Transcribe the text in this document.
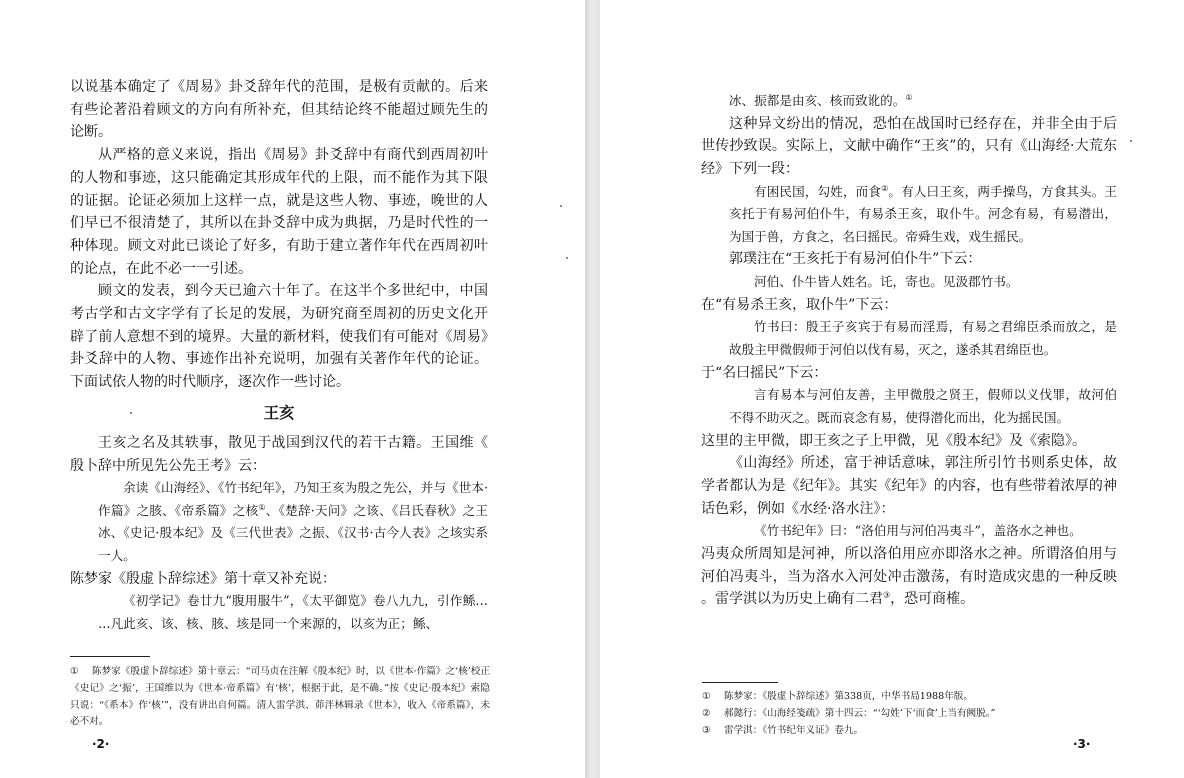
以说基本确定了《周易》卦爻辞年代的范围，是极有贡献的。后来有些论著沿着顾文的方向有所补充，但其结论终不能超过顾先生的论断。

从严格的意义来说，指出《周易》卦爻辞中有商代到西周初叶的人物和事迹，这只能确定其形成年代的上限，而不能作为其下限的证据。论证必须加上这样一点，就是这些人物、事迹，晚世的人们早已不很清楚了，其所以在卦爻辞中成为典据，乃是时代性的一种体现。顾文对此已谈论了好多，有助于建立著作年代在西周初叶的论点，在此不必一一引述。

顾文的发表，到今天已逾六十年了。在这半个多世纪中，中国考古学和古文字学有了长足的发展，为研究商至周初的历史文化开辟了前人意想不到的境界。大量的新材料，使我们有可能对《周易》卦爻辞中的人物、事迹作出补充说明，加强有关著作年代的论证。下面试依人物的时代顺序，逐次作一些讨论。

王亥

王亥之名及其轶事，散见于战国到汉代的若干古籍。王国维《殷卜辞中所见先公先王考》云：

余读《山海经》、《竹书纪年》，乃知王亥为殷之先公，并与《世本·作篇》之胲、《帝系篇》之核①、《楚辞·天问》之该、《吕氏春秋》之王冰、《史记·殷本纪》及《三代世表》之振、《汉书·古今人表》之垓实系一人。

陈梦家《殷虚卜辞综述》第十章又补充说：

《初学记》卷廿九“腹用服牛”，《太平御览》卷八九九，引作鲧……凡此亥、该、核、胲、垓是同一个来源的，以亥为正；鲧、

① 陈梦家《殷虚卜辞综述》第十章云：“司马贞在注解《殷本纪》时，以《世本·作篇》之‘核’校正《史记》之‘振’，王国维以为《世本·帝系篇》有‘核’，根据于此，是不确。”按《史记·殷本纪》索隐只说：“《系本》作‘核’”，没有讲出自何篇。清人雷学淇、茆泮林辑录《世本》，收入《帝系篇》，未必不对。

·2·

冰、振都是由亥、核而致讹的。①

这种异文纷出的情况，恐怕在战国时已经存在，并非全由于后世传抄致误。实际上，文献中确作“王亥”的，只有《山海经·大荒东经》下列一段：

有困民国，勾姓，而食②。有人曰王亥，两手操鸟，方食其头。王亥托于有易河伯仆牛，有易杀王亥，取仆牛。河念有易，有易潜出，为国于兽，方食之，名曰摇民。帝舜生戏，戏生摇民。

郭璞注在“王亥托于有易河伯仆牛”下云：

河伯、仆牛皆人姓名。讬，寄也。见汲郡竹书。

在“有易杀王亥，取仆牛”下云：

竹书曰：殷王子亥宾于有易而淫焉，有易之君绵臣杀而放之，是故殷主甲微假师于河伯以伐有易，灭之，遂杀其君绵臣也。

于“名曰摇民”下云：

言有易本与河伯友善，主甲微殷之贤王，假师以义伐罪，故河伯不得不助灭之。既而哀念有易，使得潜化而出，化为摇民国。

这里的主甲微，即王亥之子上甲微，见《殷本纪》及《索隐》。

《山海经》所述，富于神话意味，郭注所引竹书则系史体，故学者都认为是《纪年》。其实《纪年》的内容，也有些带着浓厚的神话色彩，例如《水经·洛水注》：

《竹书纪年》曰：“洛伯用与河伯冯夷斗”，盖洛水之神也。

冯夷众所周知是河神，所以洛伯用应亦即洛水之神。所谓洛伯用与河伯冯夷斗，当为洛水入河处冲击激荡，有时造成灾患的一种反映。雷学淇以为历史上确有二君③，恐可商榷。

① 陈梦家：《殷虚卜辞综述》第338页，中华书局1988年版。

② 郝懿行：《山海经笺疏》第十四云：“‘勾姓’下‘而食’上当有阙脱。”

③ 雷学淇：《竹书纪年义证》卷九。

·3·
